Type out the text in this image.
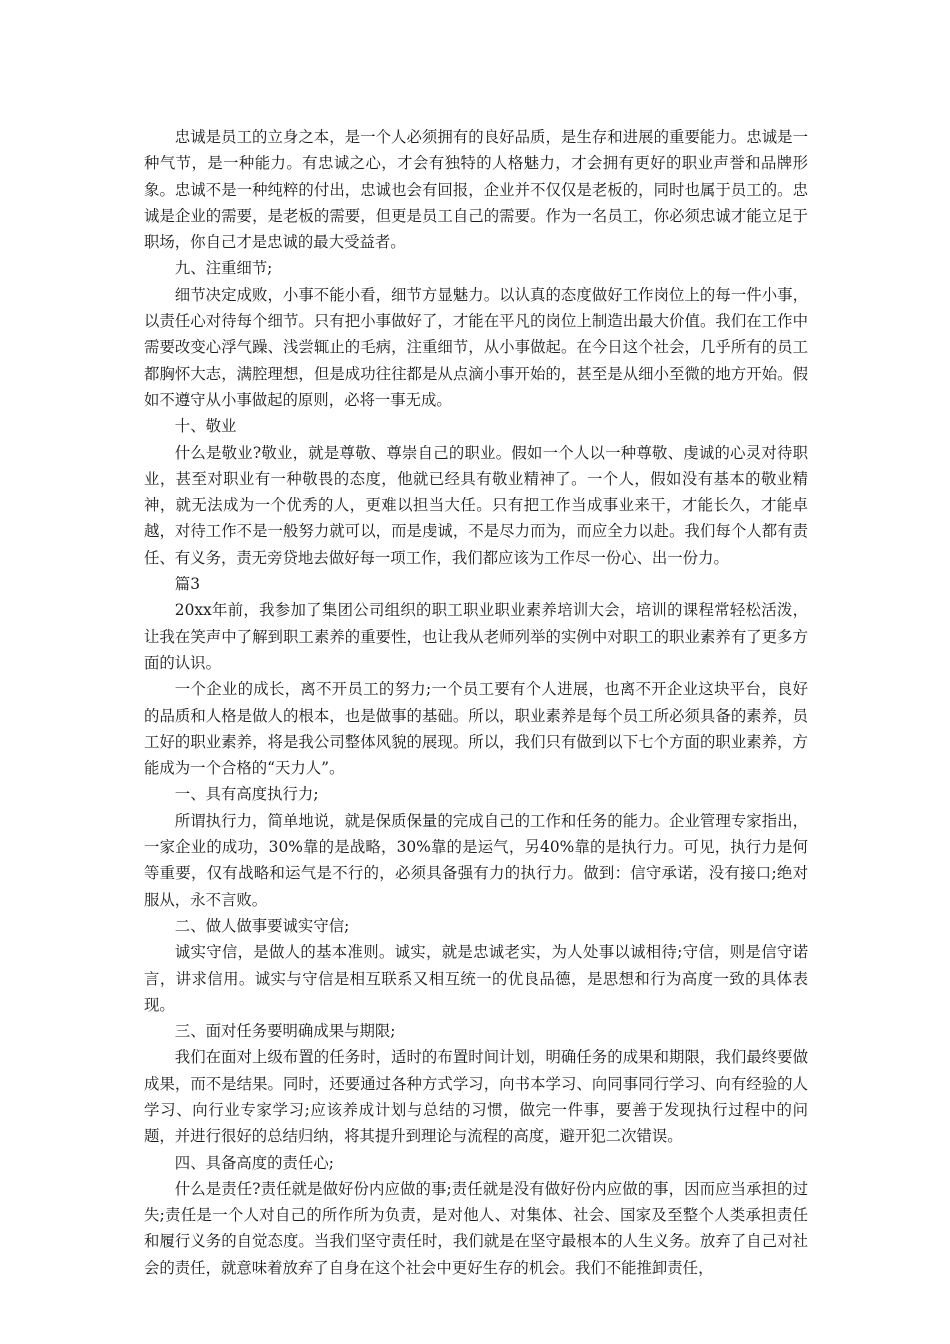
忠诚是员工的立身之本，是一个人必须拥有的良好品质，是生存和进展的重要能力。忠诚是一种气节，是一种能力。有忠诚之心，才会有独特的人格魅力，才会拥有更好的职业声誉和品牌形象。忠诚不是一种纯粹的付出，忠诚也会有回报，企业并不仅仅是老板的，同时也属于员工的。忠诚是企业的需要，是老板的需要，但更是员工自己的需要。作为一名员工，你必须忠诚才能立足于职场，你自己才是忠诚的最大受益者。

九、注重细节;

细节决定成败，小事不能小看，细节方显魅力。以认真的态度做好工作岗位上的每一件小事，以责任心对待每个细节。只有把小事做好了，才能在平凡的岗位上制造出最大价值。我们在工作中需要改变心浮气躁、浅尝辄止的毛病，注重细节，从小事做起。在今日这个社会，几乎所有的员工都胸怀大志，满腔理想，但是成功往往都是从点滴小事开始的，甚至是从细小至微的地方开始。假如不遵守从小事做起的原则，必将一事无成。

十、敬业

什么是敬业?敬业，就是尊敬、尊崇自己的职业。假如一个人以一种尊敬、虔诚的心灵对待职业，甚至对职业有一种敬畏的态度，他就已经具有敬业精神了。一个人，假如没有基本的敬业精神，就无法成为一个优秀的人，更难以担当大任。只有把工作当成事业来干，才能长久，才能卓越，对待工作不是一般努力就可以，而是虔诚，不是尽力而为，而应全力以赴。我们每个人都有责任、有义务，责无旁贷地去做好每一项工作，我们都应该为工作尽一份心、出一份力。

篇3

20xx年前，我参加了集团公司组织的职工职业职业素养培训大会，培训的课程常轻松活泼，让我在笑声中了解到职工素养的重要性，也让我从老师列举的实例中对职工的职业素养有了更多方面的认识。

一个企业的成长，离不开员工的努力;一个员工要有个人进展，也离不开企业这块平台，良好的品质和人格是做人的根本，也是做事的基础。所以，职业素养是每个员工所必须具备的素养，员工好的职业素养，将是我公司整体风貌的展现。所以，我们只有做到以下七个方面的职业素养，方能成为一个合格的“天力人”。

一、具有高度执行力;

所谓执行力，简单地说，就是保质保量的完成自己的工作和任务的能力。企业管理专家指出，一家企业的成功，30%靠的是战略，30%靠的是运气，另40%靠的是执行力。可见，执行力是何等重要，仅有战略和运气是不行的，必须具备强有力的执行力。做到：信守承诺，没有接口;绝对服从，永不言败。

二、做人做事要诚实守信;

诚实守信，是做人的基本准则。诚实，就是忠诚老实，为人处事以诚相待;守信，则是信守诺言，讲求信用。诚实与守信是相互联系又相互统一的优良品德，是思想和行为高度一致的具体表现。

三、面对任务要明确成果与期限;

我们在面对上级布置的任务时，适时的布置时间计划，明确任务的成果和期限，我们最终要做成果，而不是结果。同时，还要通过各种方式学习，向书本学习、向同事同行学习、向有经验的人学习、向行业专家学习;应该养成计划与总结的习惯，做完一件事，要善于发现执行过程中的问题，并进行很好的总结归纳，将其提升到理论与流程的高度，避开犯二次错误。

四、具备高度的责任心;

什么是责任?责任就是做好份内应做的事;责任就是没有做好份内应做的事，因而应当承担的过失;责任是一个人对自己的所作所为负责，是对他人、对集体、社会、国家及至整个人类承担责任和履行义务的自觉态度。当我们坚守责任时，我们就是在坚守最根本的人生义务。放弃了自己对社会的责任，就意味着放弃了自身在这个社会中更好生存的机会。我们不能推卸责任，
